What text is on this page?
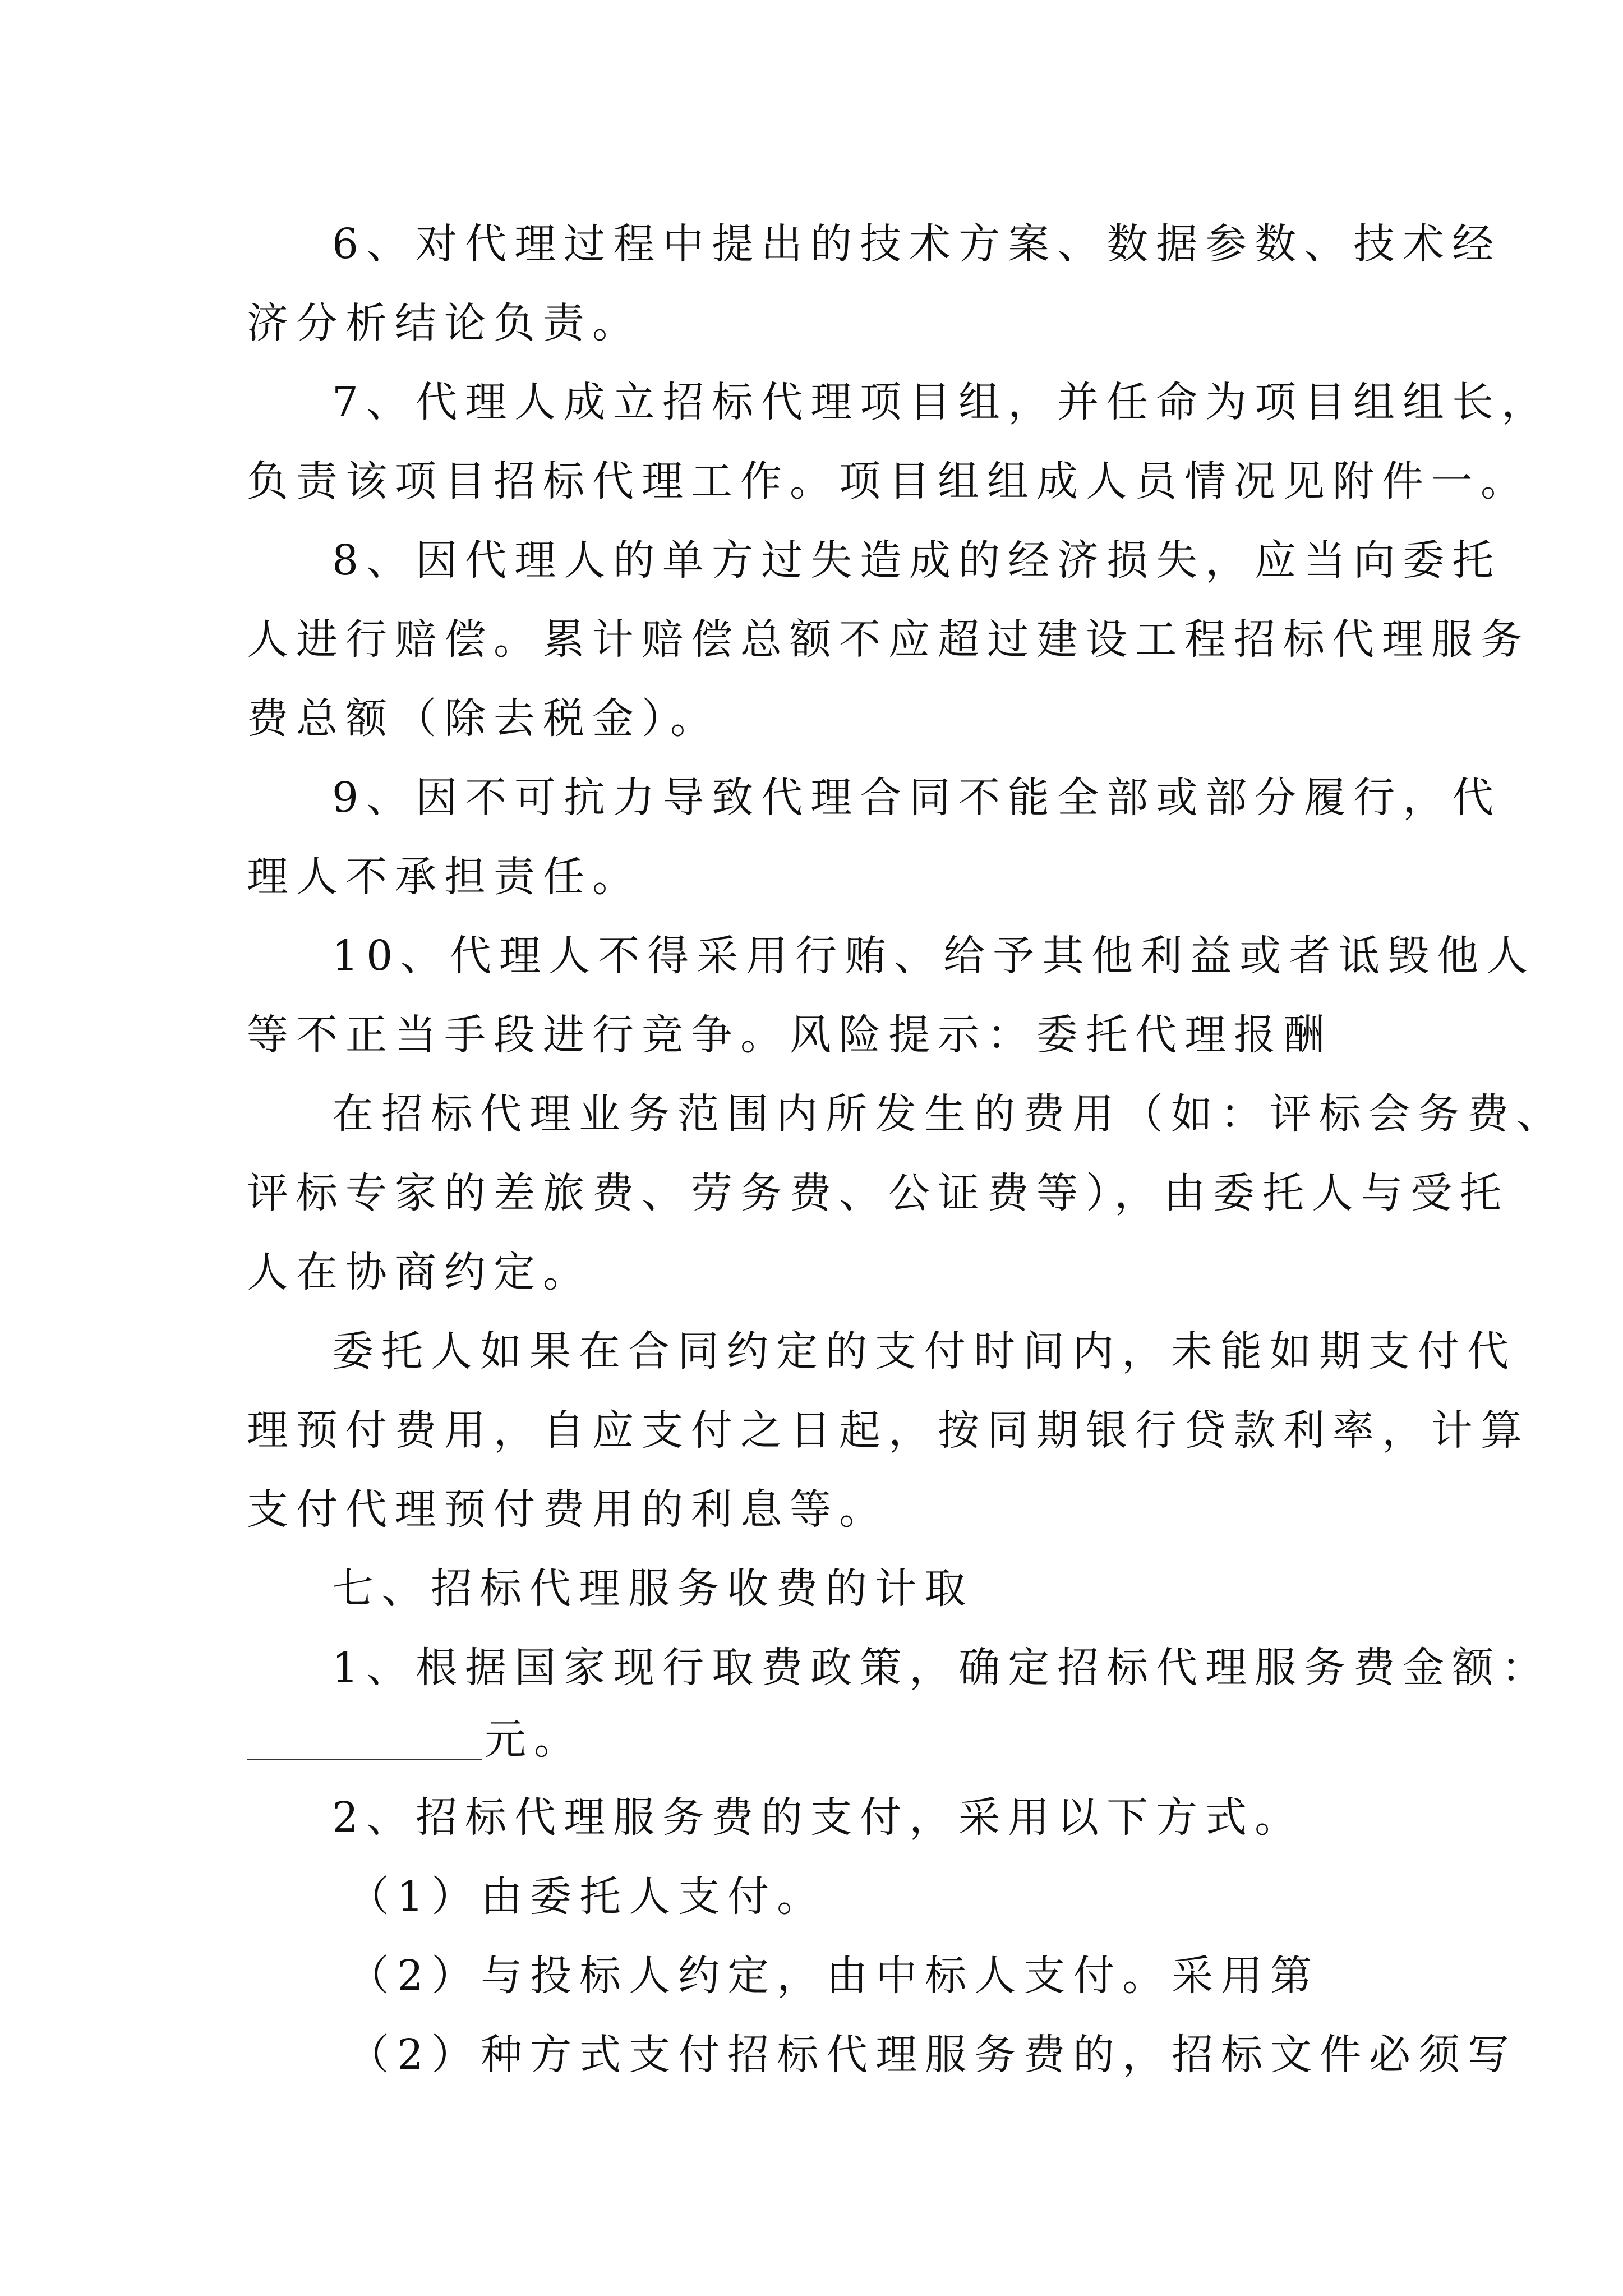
6、对代理过程中提出的技术方案、数据参数、技术经
济分析结论负责。
7、代理人成立招标代理项目组，并任命为项目组组长，
负责该项目招标代理工作。项目组组成人员情况见附件一。
8、因代理人的单方过失造成的经济损失，应当向委托
人进行赔偿。累计赔偿总额不应超过建设工程招标代理服务
费总额（除去税金）。
9、因不可抗力导致代理合同不能全部或部分履行，代
理人不承担责任。
10、代理人不得采用行贿、给予其他利益或者诋毁他人
等不正当手段进行竞争。风险提示：委托代理报酬
在招标代理业务范围内所发生的费用（如：评标会务费、
评标专家的差旅费、劳务费、公证费等），由委托人与受托
人在协商约定。
委托人如果在合同约定的支付时间内，未能如期支付代
理预付费用，自应支付之日起，按同期银行贷款利率，计算
支付代理预付费用的利息等。
七、招标代理服务收费的计取
1、根据国家现行取费政策，确定招标代理服务费金额：
元。
2、招标代理服务费的支付，采用以下方式。
（1）由委托人支付。
（2）与投标人约定，由中标人支付。采用第
（2）种方式支付招标代理服务费的，招标文件必须写
